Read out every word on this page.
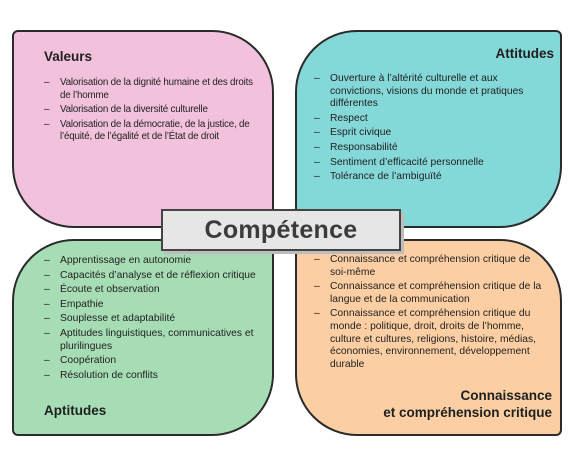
Valeurs
– Valorisation de la dignité humaine et des droits de l’homme
– Valorisation de la diversité culturelle
– Valorisation de la démocratie, de la justice, de l’équité, de l’égalité et de l’État de droit
Attitudes
– Ouverture à l’altérité culturelle et aux convictions, visions du monde et pratiques différentes
– Respect
– Esprit civique
– Responsabilité
– Sentiment d’efficacité personnelle
– Tolérance de l’ambiguïté
– Apprentissage en autonomie
– Capacités d’analyse et de réflexion critique
– Écoute et observation
– Empathie
– Souplesse et adaptabilité
– Aptitudes linguistiques, communicatives et plurilingues
– Coopération
– Résolution de conflits
Aptitudes
– Connaissance et compréhension critique de soi-même
– Connaissance et compréhension critique de la langue et de la communication
– Connaissance et compréhension critique du monde : politique, droit, droits de l’homme, culture et cultures, religions, histoire, médias, économies, environnement, développement durable
Connaissance
et compréhension critique
Compétence
